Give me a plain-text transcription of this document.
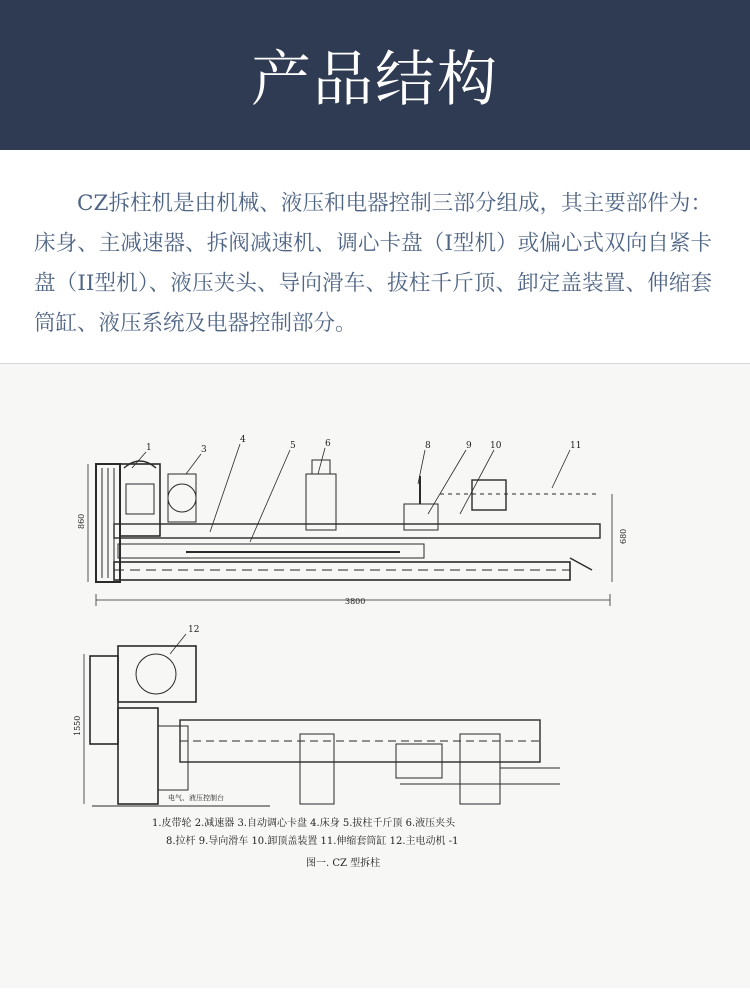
产品结构

CZ拆柱机是由机械、液压和电器控制三部分组成，其主要部件为：床身、主减速器、拆阀减速机、调心卡盘（I型机）或偏心式双向自紧卡盘（II型机）、液压夹头、导向滑车、拔柱千斤顶、卸定盖装置、伸缩套筒缸、液压系统及电器控制部分。

1	3
4
5	6	8	9 10	11
3800
860
680
12
电气、液压控制台
1550
1.皮带轮 2.减速器 3.自动调心卡盘 4.床身 5.拔柱千斤顶 6.液压夹头
8.拉杆 9.导向滑车 10.卸顶盖装置 11.伸缩套筒缸 12.主电动机 -1
图一. CZ 型拆柱
